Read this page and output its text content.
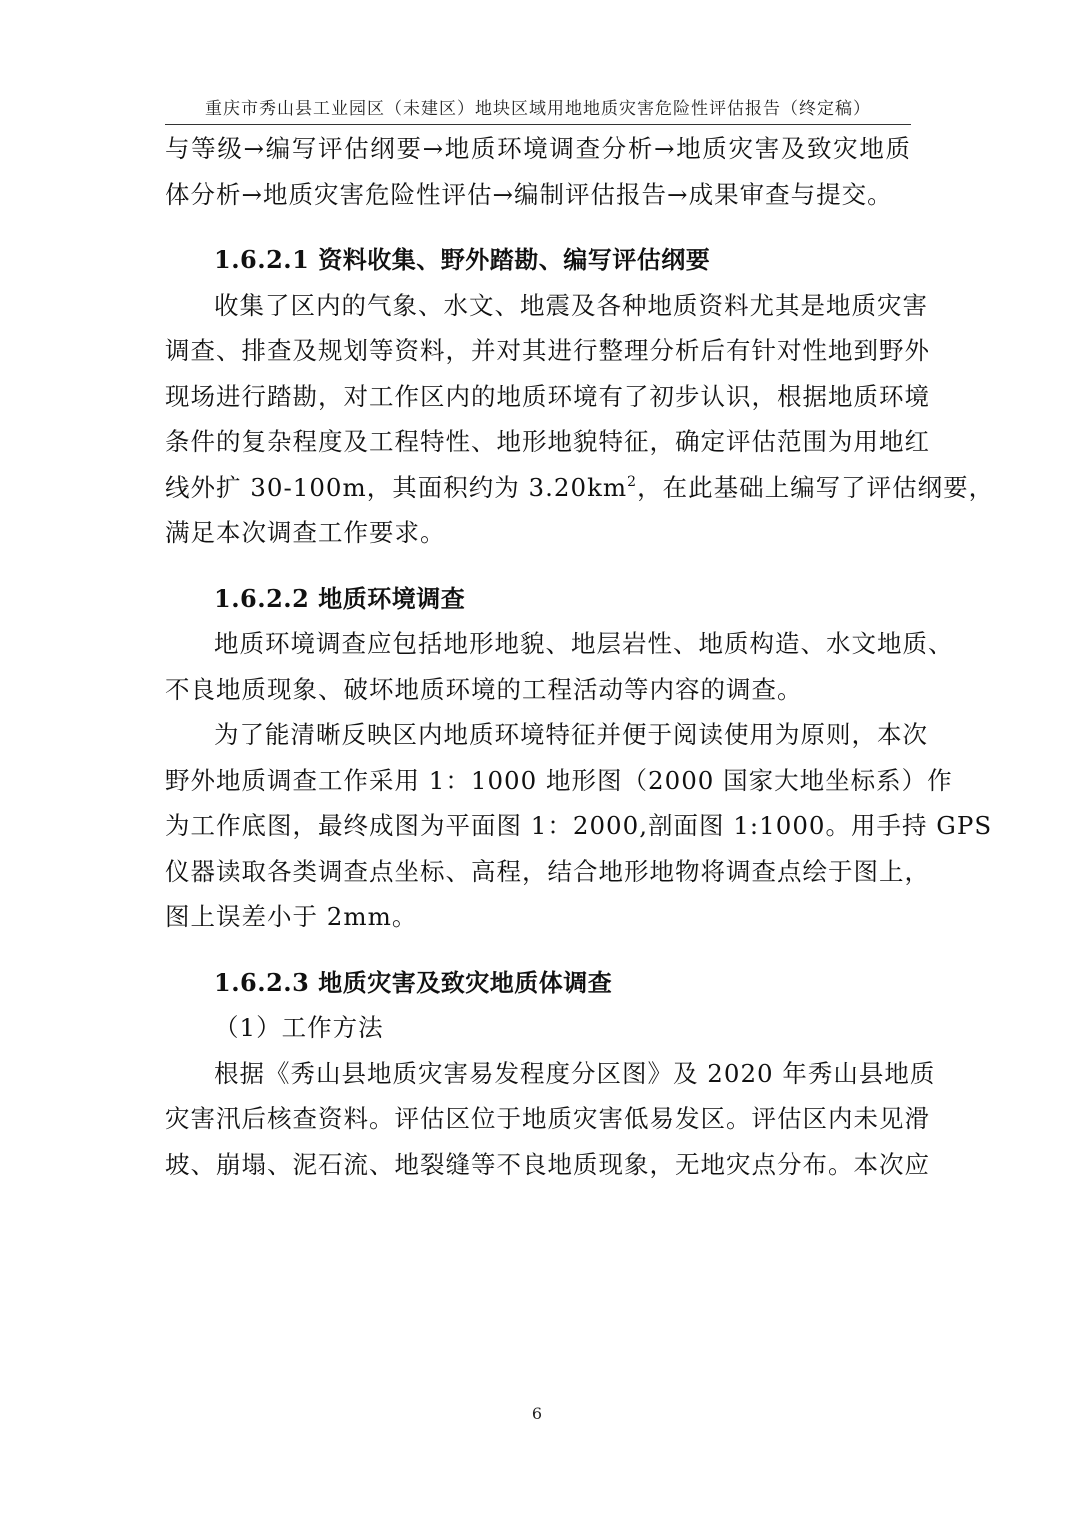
重庆市秀山县工业园区（未建区）地块区域用地地质灾害危险性评估报告（终定稿）
与等级→编写评估纲要→地质环境调查分析→地质灾害及致灾地质
体分析→地质灾害危险性评估→编制评估报告→成果审查与提交。
1.6.2.1 资料收集、野外踏勘、编写评估纲要
收集了区内的气象、水文、地震及各种地质资料尤其是地质灾害
调查、排查及规划等资料，并对其进行整理分析后有针对性地到野外
现场进行踏勘，对工作区内的地质环境有了初步认识，根据地质环境
条件的复杂程度及工程特性、地形地貌特征，确定评估范围为用地红
线外扩 30-100m，其面积约为 $3.20km^2$，在此基础上编写了评估纲要，
满足本次调查工作要求。
1.6.2.2 地质环境调查
地质环境调查应包括地形地貌、地层岩性、地质构造、水文地质、
不良地质现象、破坏地质环境的工程活动等内容的调查。
为了能清晰反映区内地质环境特征并便于阅读使用为原则，本次
野外地质调查工作采用 1：1000 地形图（2000 国家大地坐标系）作
为工作底图，最终成图为平面图 1：2000,剖面图 1:1000。用手持 GPS
仪器读取各类调查点坐标、高程，结合地形地物将调查点绘于图上，
图上误差小于 2mm。
1.6.2.3 地质灾害及致灾地质体调查
（1）工作方法
根据《秀山县地质灾害易发程度分区图》及 2020 年秀山县地质
灾害汛后核查资料。评估区位于地质灾害低易发区。评估区内未见滑
坡、崩塌、泥石流、地裂缝等不良地质现象，无地灾点分布。本次应
6
